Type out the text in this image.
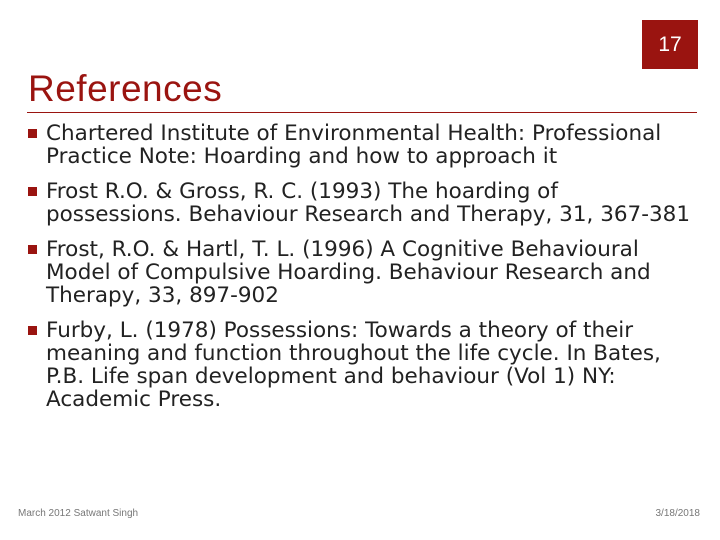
17
References
Chartered Institute of Environmental Health: Professional Practice Note: Hoarding and how to approach it
Frost R.O. & Gross, R. C. (1993) The hoarding of possessions. Behaviour Research and Therapy, 31, 367-381
Frost, R.O. & Hartl, T. L. (1996) A Cognitive Behavioural Model of Compulsive Hoarding. Behaviour Research and Therapy, 33, 897-902
Furby, L. (1978) Possessions: Towards a theory of their meaning and function throughout the life cycle. In Bates, P.B. Life span development and behaviour (Vol 1) NY: Academic Press.
March 2012 Satwant Singh	3/18/2018
